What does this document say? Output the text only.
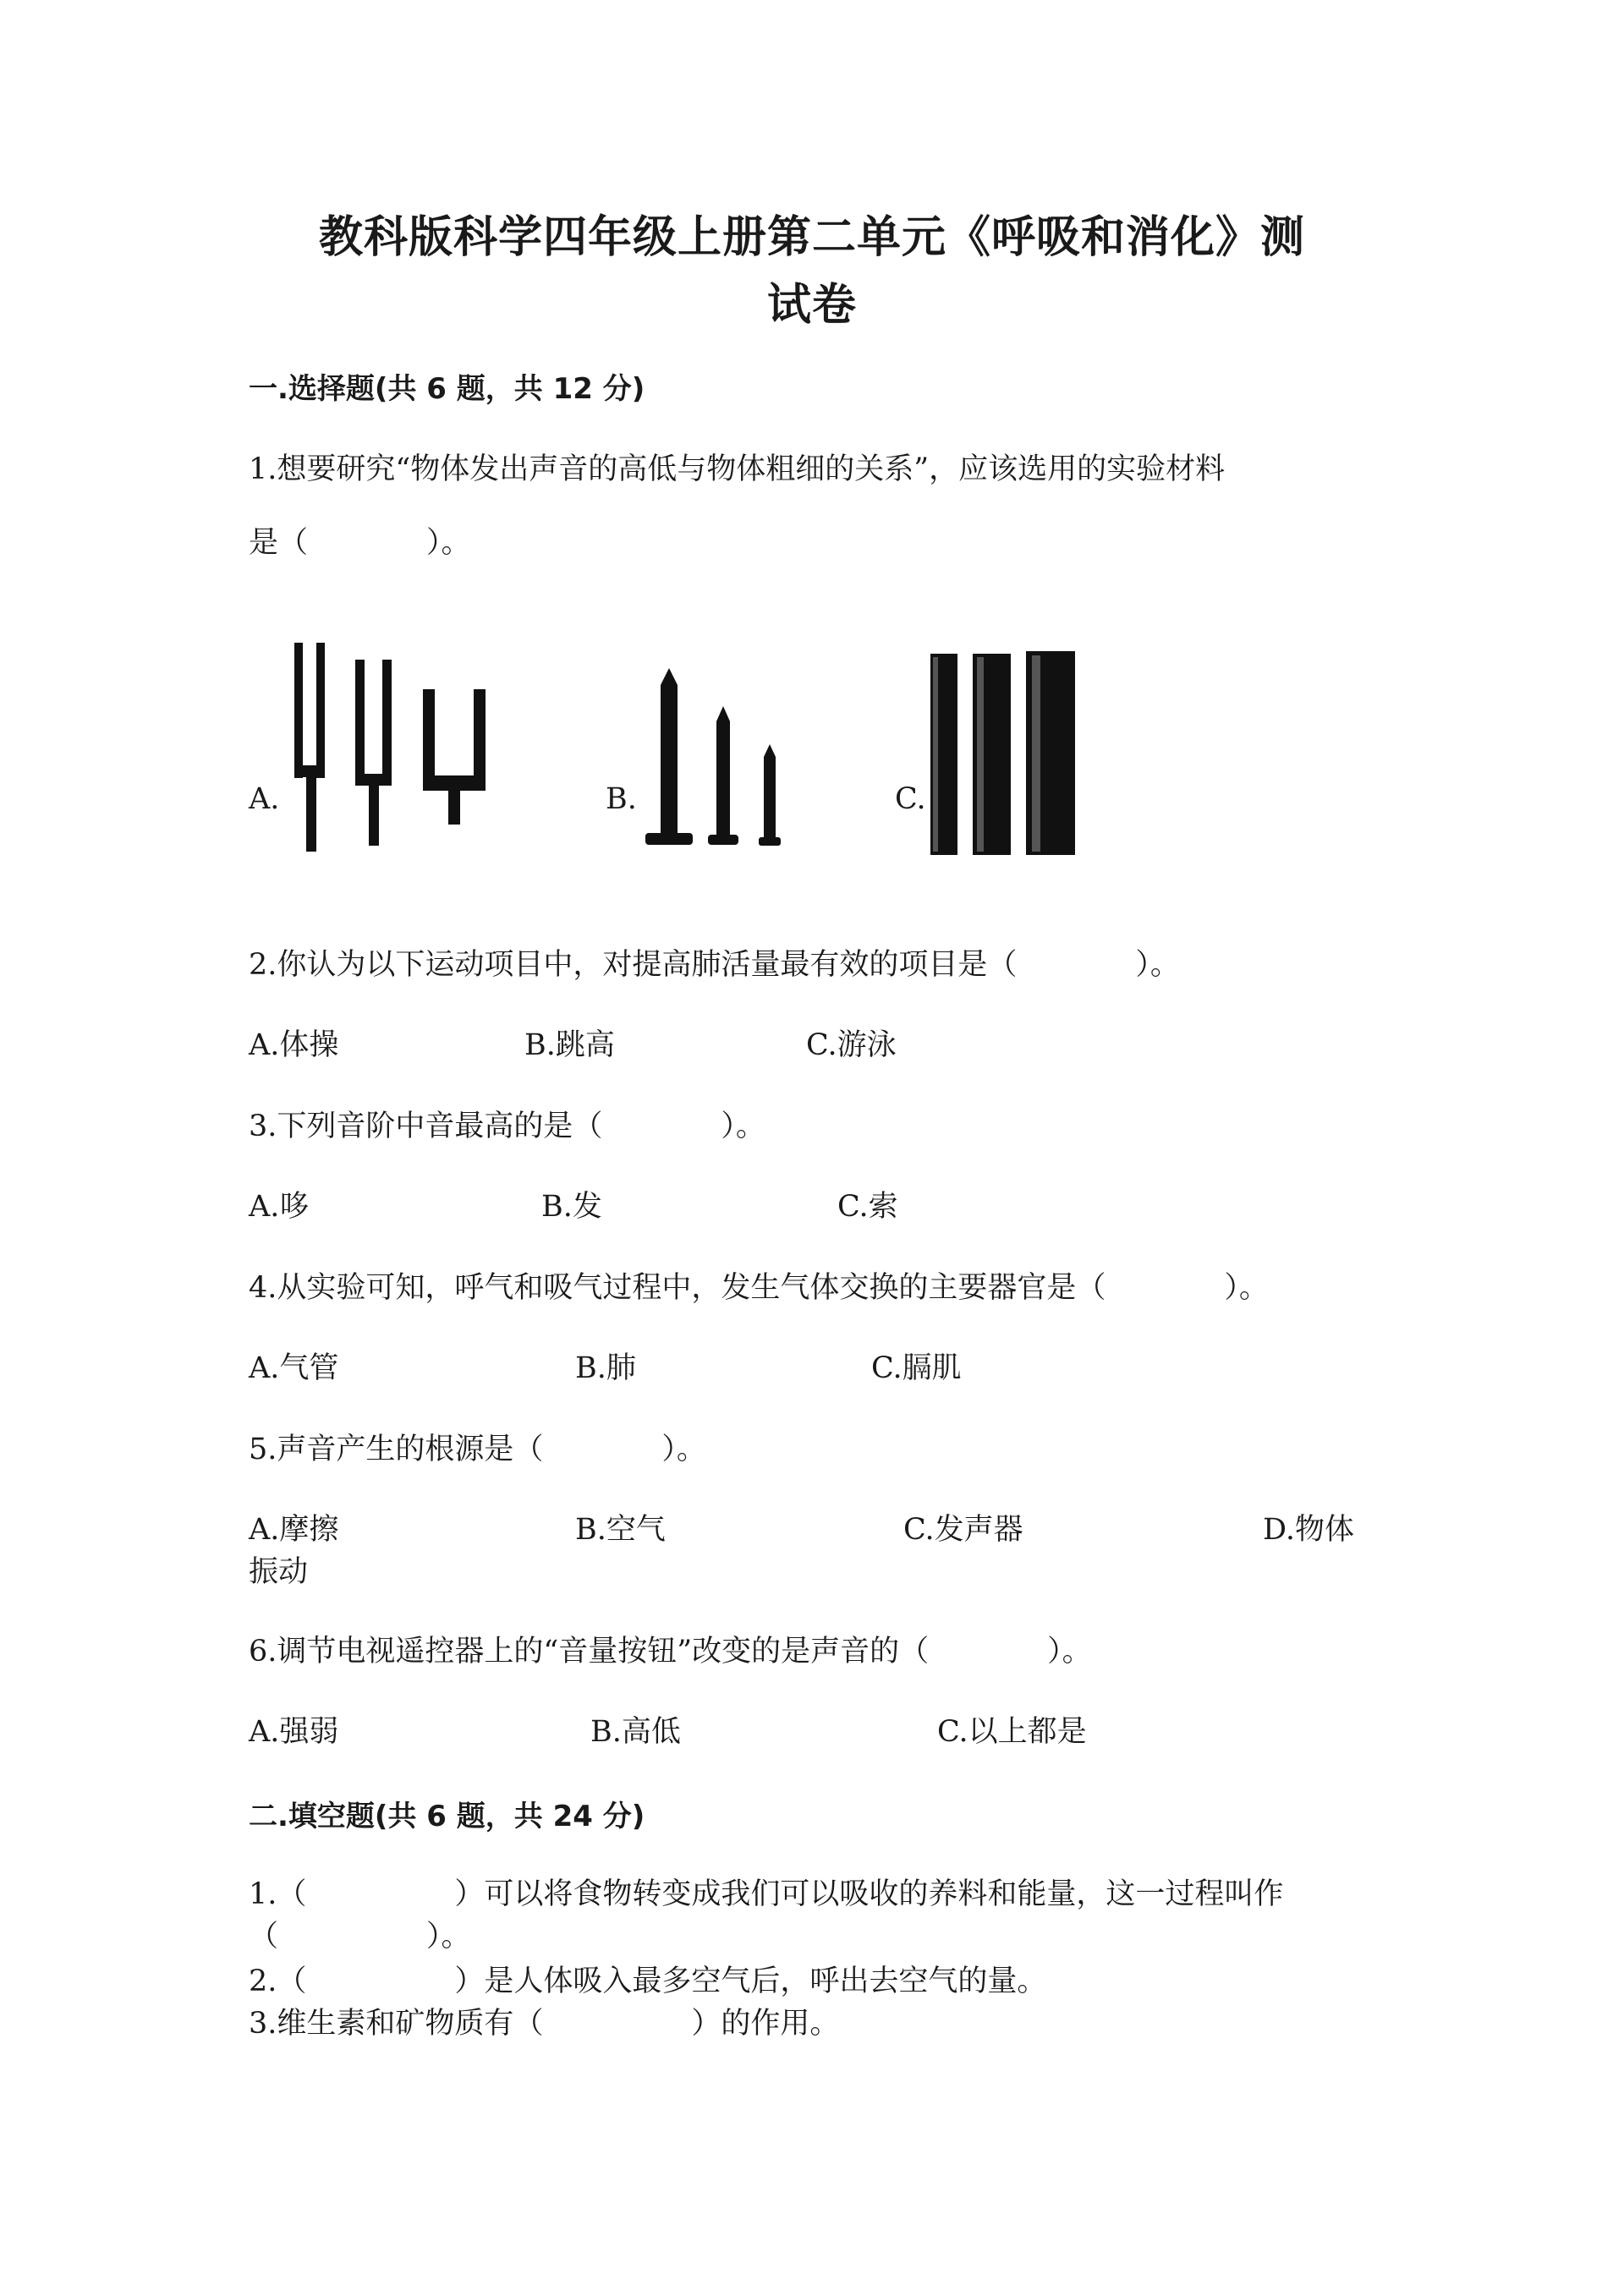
教科版科学四年级上册第二单元《呼吸和消化》测
试卷
一.选择题(共 6 题，共 12 分)
1.想要研究“物体发出声音的高低与物体粗细的关系”，应该选用的实验材料
是（　　　　）。
A.	B.	C.
2.你认为以下运动项目中，对提高肺活量最有效的项目是（　　　　）。
A.体操	B.跳高	C.游泳
3.下列音阶中音最高的是（　　　　）。
A.哆	B.发	C.索
4.从实验可知，呼气和吸气过程中，发生气体交换的主要器官是（　　　　）。
A.气管	B.肺	C.膈肌
5.声音产生的根源是（　　　　）。
A.摩擦	B.空气	C.发声器	D.物体
振动
6.调节电视遥控器上的“音量按钮”改变的是声音的（　　　　）。
A.强弱	B.高低	C.以上都是
二.填空题(共 6 题，共 24 分)
1.（　　　　　）可以将食物转变成我们可以吸收的养料和能量，这一过程叫作
（　　　　　）。
2.（　　　　　）是人体吸入最多空气后，呼出去空气的量。
3.维生素和矿物质有（　　　　　）的作用。
